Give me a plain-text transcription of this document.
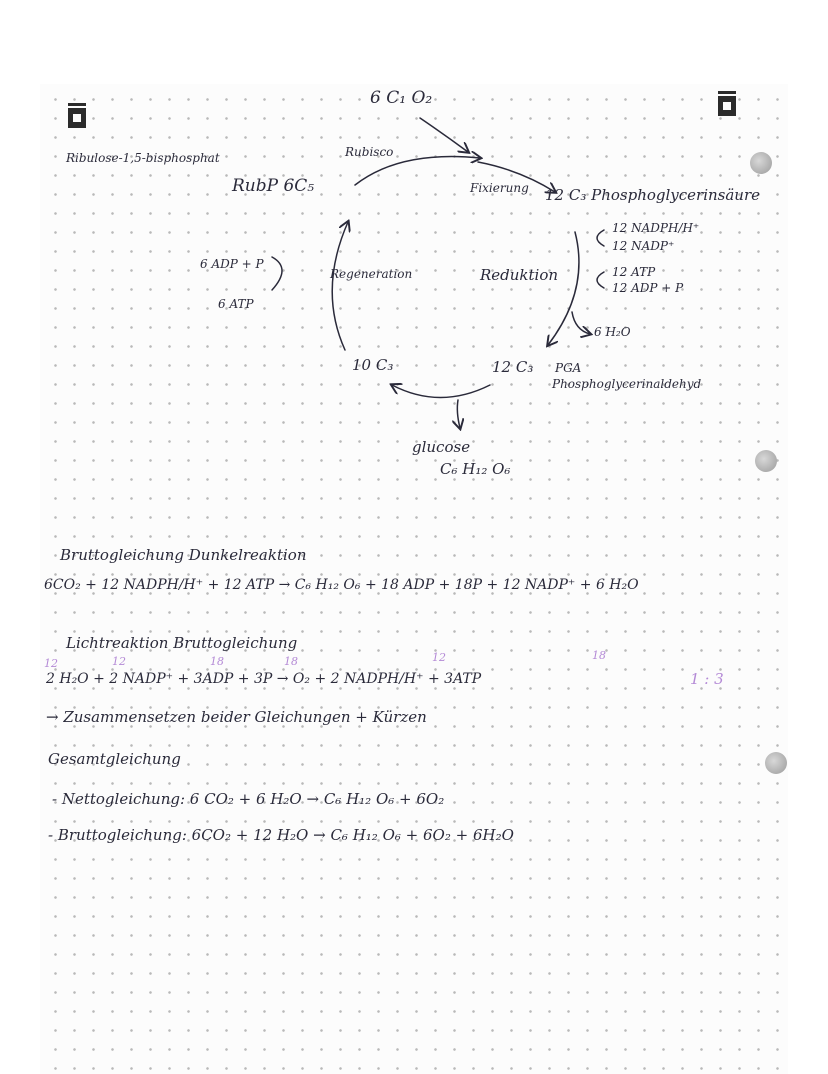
6 C₁ O₂
Ribulose-1,5-bisphosphat
RubP 6C₅
Rubisco
Fixierung 12 C₃ Phosphoglycerinsäure
12 NADPH/H⁺
12 NADP⁺
12 ATP
12 ADP + P
Reduktion
6 H₂O
12 C₃ PGA
Phosphoglycerinaldehyd
10 C₃
Regeneration
6 ADP + P
6 ATP
glucose
C₆ H₁₂ O₆
Bruttogleichung Dunkelreaktion
6CO₂ + 12 NADPH/H⁺ + 12 ATP → C₆ H₁₂ O₆ + 18 ADP + 18P + 12 NADP⁺ + 6 H₂O
Lichtreaktion Bruttogleichung
12	12	18	18	12	18
2 H₂O + 2 NADP⁺ + 3ADP + 3P → O₂ + 2 NADPH/H⁺ + 3ATP	1 : 3
→ Zusammensetzen beider Gleichungen + Kürzen
Gesamtgleichung
- Nettogleichung: 6 CO₂ + 6 H₂O → C₆ H₁₂ O₆ + 6O₂
- Bruttogleichung: 6CO₂ + 12 H₂O → C₆ H₁₂ O₆ + 6O₂ + 6H₂O
